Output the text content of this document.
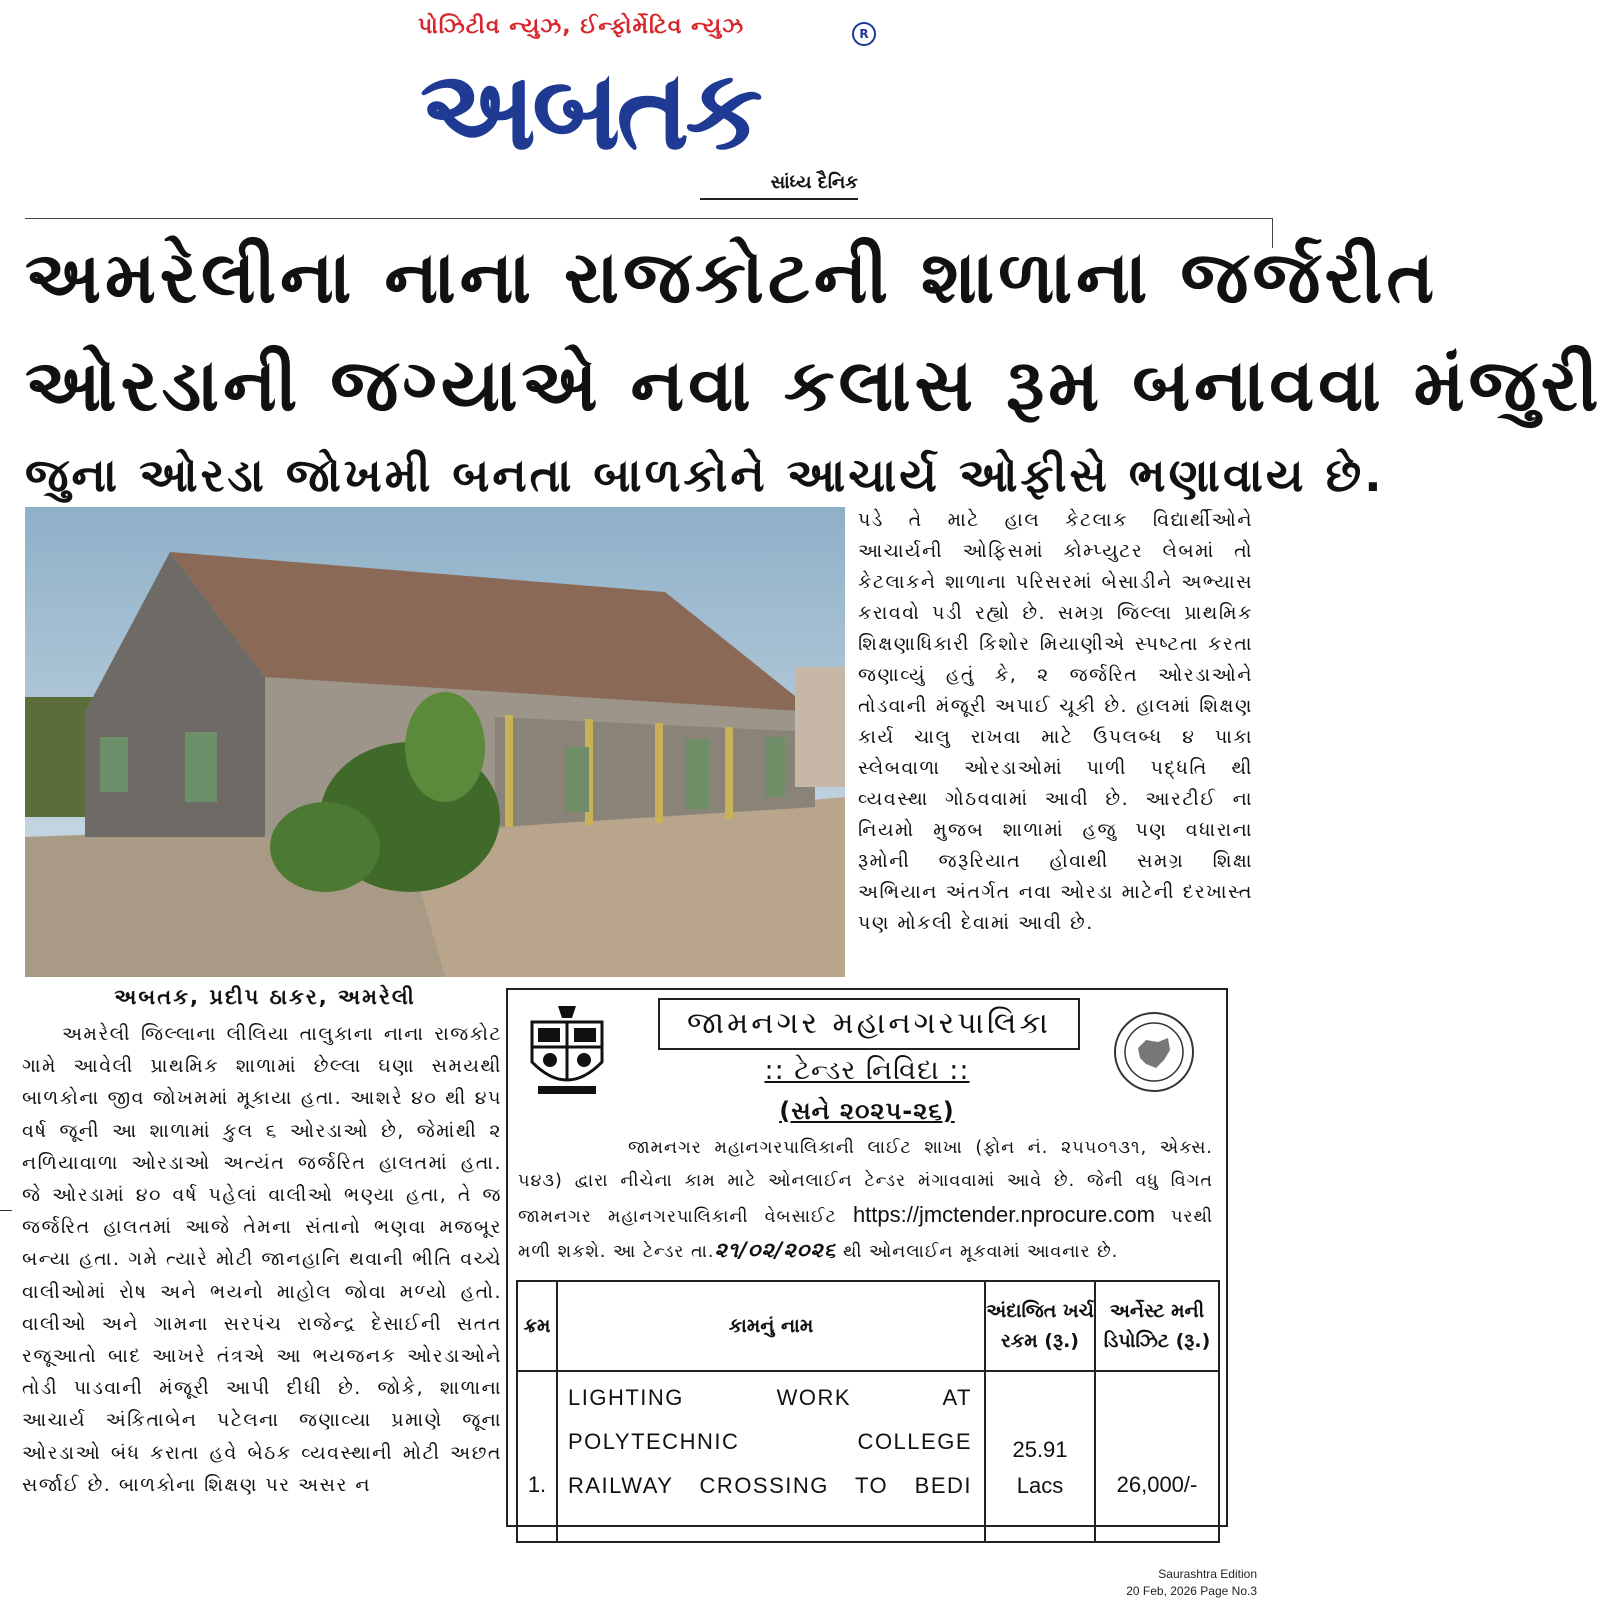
પોઝિટીવ ન્યુઝ, ઈન્ફોર્મેટિવ ન્યુઝ
અબતક
R
સાંધ્ય દૈનિક
અમરેલીના નાના રાજકોટની શાળાના જર્જરીત
ઓરડાની જગ્યાએ નવા કલાસ રૂમ બનાવવા મંજુરી
જુના ઓરડા જોખમી બનતા બાળકોને આચાર્ય ઓફીસે ભણાવાય છે.
પડે તે માટે હાલ કેટલાક વિદ્યાર્થીઓને આચાર્યની ઓફિસમાં કોમ્પ્યુટર લેબમાં તો કેટલાકને શાળાના પરિસરમાં બેસાડીને અભ્યાસ કરાવવો પડી રહ્યો છે. સમગ્ર જિલ્લા પ્રાથમિક શિક્ષણાધિકારી કિશોર મિયાણીએ સ્પષ્ટતા કરતા જણાવ્યું હતું કે, ૨ જર્જરિત ઓરડાઓને તોડવાની મંજૂરી અપાઈ ચૂકી છે. હાલમાં શિક્ષણ કાર્ય ચાલુ રાખવા માટે ઉપલબ્ધ ૪ પાકા સ્લેબવાળા ઓરડાઓમાં પાળી પદ્ધતિ થી વ્યવસ્થા ગોઠવવામાં આવી છે. આરટીઈ ના નિયમો મુજબ શાળામાં હજુ પણ વધારાના રૂમોની જરૂરિયાત હોવાથી સમગ્ર શિક્ષા અભિયાન અંતર્ગત નવા ઓરડા માટેની દરખાસ્ત પણ મોકલી દેવામાં આવી છે.
અબતક, પ્રદીપ ઠાકર, અમરેલી
અમરેલી જિલ્લાના લીલિયા તાલુકાના નાના રાજકોટ ગામે આવેલી પ્રાથમિક શાળામાં છેલ્લા ઘણા સમયથી બાળકોના જીવ જોખમમાં મૂકાયા હતા. આશરે ૪૦ થી ૪૫ વર્ષ જૂની આ શાળામાં કુલ ૬ ઓરડાઓ છે, જેમાંથી ૨ નળિયાવાળા ઓરડાઓ અત્યંત જર્જરિત હાલતમાં હતા. જે ઓરડામાં ૪૦ વર્ષ પહેલાં વાલીઓ ભણ્યા હતા, તે જ જર્જરિત હાલતમાં આજે તેમના સંતાનો ભણવા મજબૂર બન્યા હતા. ગમે ત્યારે મોટી જાનહાનિ થવાની ભીતિ વચ્ચે વાલીઓમાં રોષ અને ભયનો માહોલ જોવા મળ્યો હતો. વાલીઓ અને ગામના સરપંચ રાજેન્દ્ર દેસાઈની સતત રજૂઆતો બાદ આખરે તંત્રએ આ ભયજનક ઓરડાઓને તોડી પાડવાની મંજૂરી આપી દીધી છે. જોકે, શાળાના આચાર્ય અંકિતાબેન પટેલના જણાવ્યા પ્રમાણે જૂના ઓરડાઓ બંધ કરાતા હવે બેઠક વ્યવસ્થાની મોટી અછત સર્જાઈ છે. બાળકોના શિક્ષણ પર અસર ન
જામનગર મહાનગરપાલિકા
:: ટેન્ડર નિવિદા ::
(સને ૨૦૨૫-૨૬)
જામનગર મહાનગરપાલિકાની લાઈટ શાખા (ફોન નં. ૨૫૫૦૧૩૧, એક્સ. ૫૪૩) દ્વારા નીચેના કામ માટે ઓનલાઈન ટેન્ડર મંગાવવામાં આવે છે. જેની વધુ વિગત જામનગર મહાનગરપાલિકાની વેબસાઈટ https://jmctender.nprocure.com પરથી મળી શકશે. આ ટેન્ડર તા.૨૧/૦૨/૨૦૨૬ થી ઓનલાઈન મૂકવામાં આવનાર છે.
ક્રમ	કામનું નામ	અંદાજિત ખર્ચ રકમ (રૂ.)	અર્નેસ્ટ મની ડિપોઝિટ (રૂ.)

1.	LIGHTING WORK AT POLYTECHNIC COLLEGE RAILWAY CROSSING TO BEDI	25.91 Lacs	26,000/-
Saurashtra Edition
20 Feb, 2026 Page No.3
